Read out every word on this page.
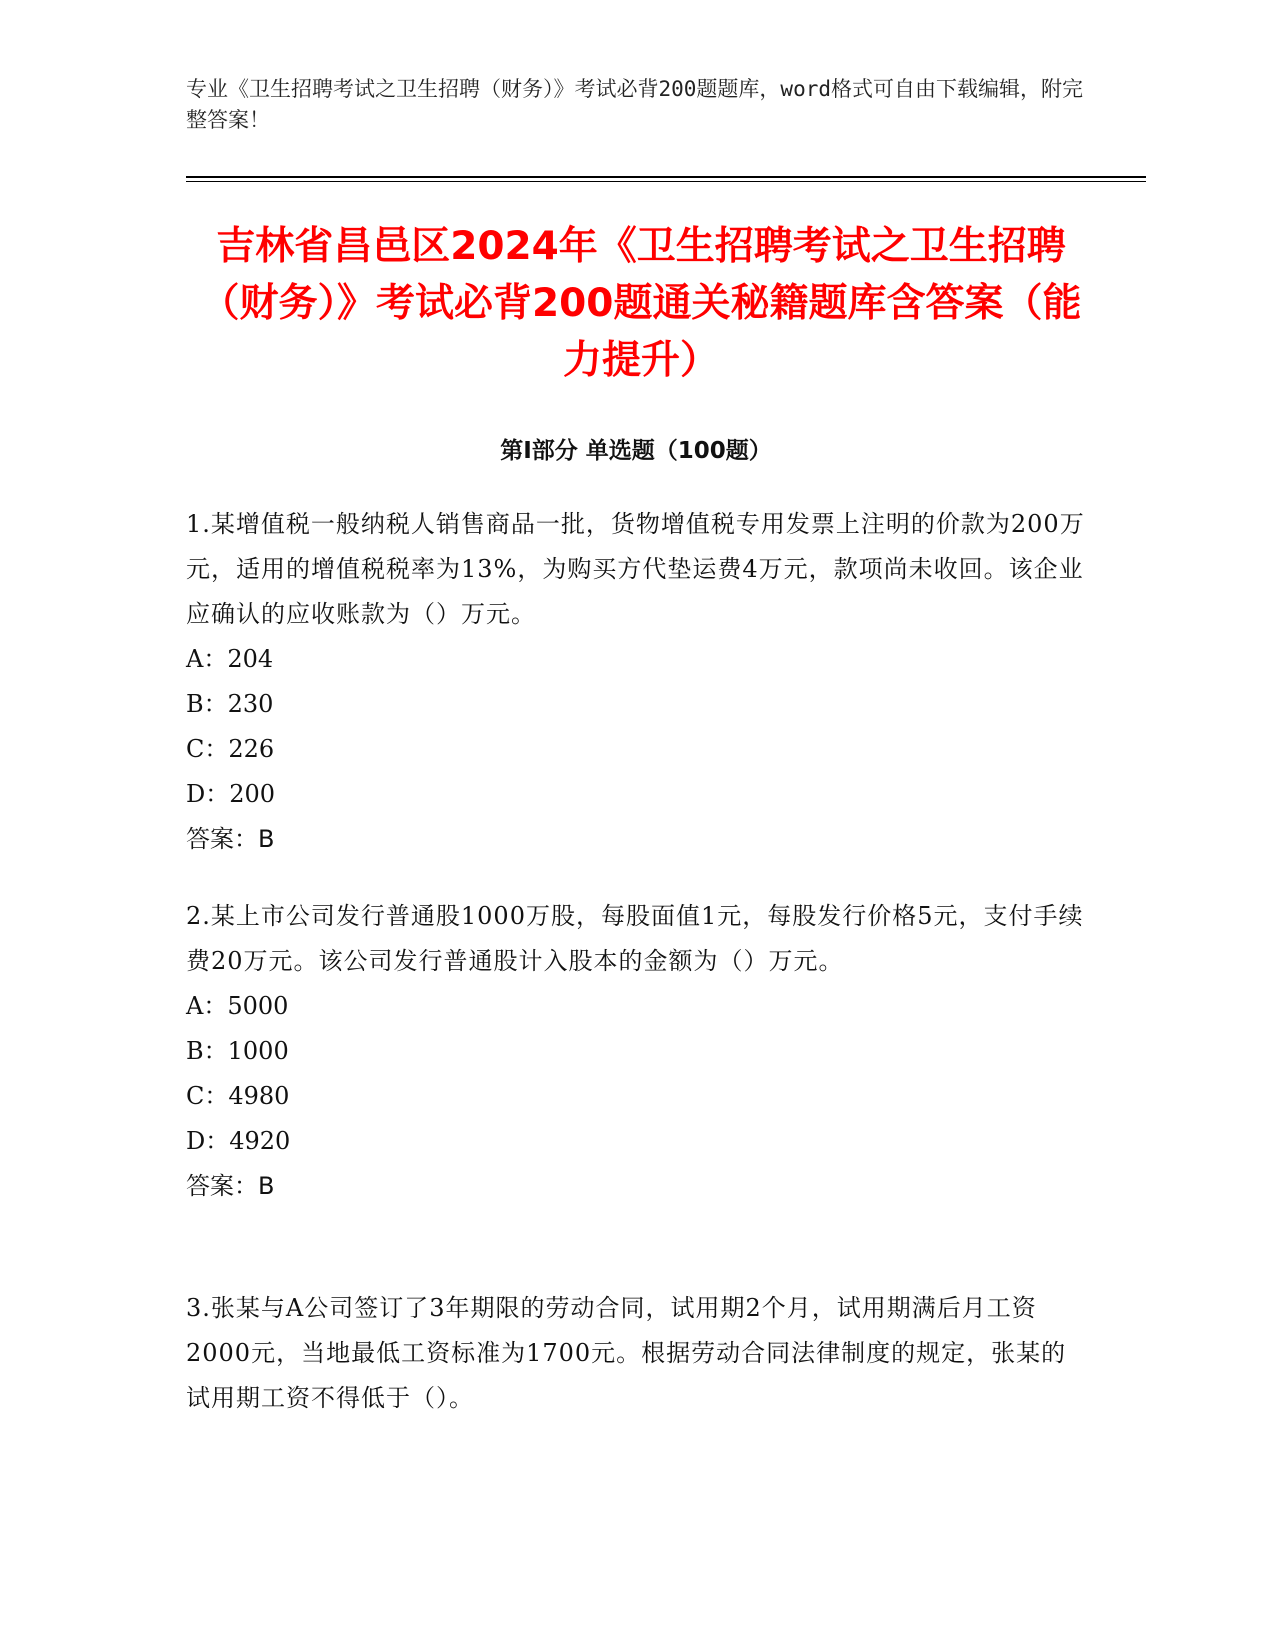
专业《卫生招聘考试之卫生招聘（财务）》考试必背200题题库，word格式可自由下载编辑，附完整答案！
吉林省昌邑区2024年《卫生招聘考试之卫生招聘（财务）》考试必背200题通关秘籍题库含答案（能力提升）
第Ⅰ部分 单选题（100题）

1.某增值税一般纳税人销售商品一批，货物增值税专用发票上注明的价款为200万元，适用的增值税税率为13%，为购买方代垫运费4万元，款项尚未收回。该企业应确认的应收账款为（）万元。

A：204

B：230

C：226

D：200

答案：B

2.某上市公司发行普通股1000万股，每股面值1元，每股发行价格5元，支付手续费20万元。该公司发行普通股计入股本的金额为（）万元。

A：5000

B：1000

C：4980

D：4920

答案：B

3.张某与A公司签订了3年期限的劳动合同，试用期2个月，试用期满后月工资2000元，当地最低工资标准为1700元。根据劳动合同法律制度的规定，张某的试用期工资不得低于（）。
